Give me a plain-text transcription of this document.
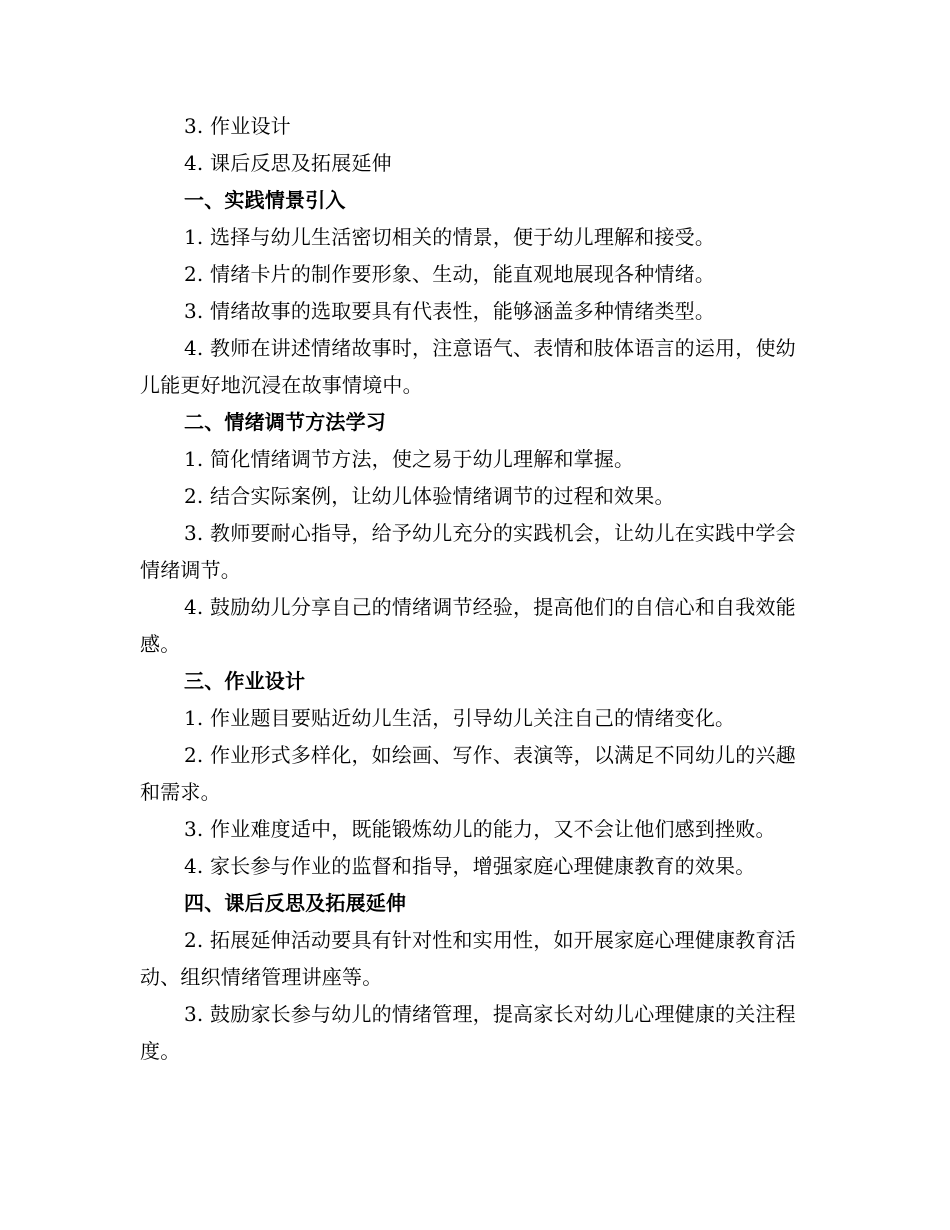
3. 作业设计

4. 课后反思及拓展延伸

一、实践情景引入

1. 选择与幼儿生活密切相关的情景，便于幼儿理解和接受。

2. 情绪卡片的制作要形象、生动，能直观地展现各种情绪。

3. 情绪故事的选取要具有代表性，能够涵盖多种情绪类型。

4. 教师在讲述情绪故事时，注意语气、表情和肢体语言的运用，使幼儿能更好地沉浸在故事情境中。

二、情绪调节方法学习

1. 简化情绪调节方法，使之易于幼儿理解和掌握。

2. 结合实际案例，让幼儿体验情绪调节的过程和效果。

3. 教师要耐心指导，给予幼儿充分的实践机会，让幼儿在实践中学会情绪调节。

4. 鼓励幼儿分享自己的情绪调节经验，提高他们的自信心和自我效能感。

三、作业设计

1. 作业题目要贴近幼儿生活，引导幼儿关注自己的情绪变化。

2. 作业形式多样化，如绘画、写作、表演等，以满足不同幼儿的兴趣和需求。

3. 作业难度适中，既能锻炼幼儿的能力，又不会让他们感到挫败。

4. 家长参与作业的监督和指导，增强家庭心理健康教育的效果。

四、课后反思及拓展延伸

2. 拓展延伸活动要具有针对性和实用性，如开展家庭心理健康教育活动、组织情绪管理讲座等。

3. 鼓励家长参与幼儿的情绪管理，提高家长对幼儿心理健康的关注程度。
